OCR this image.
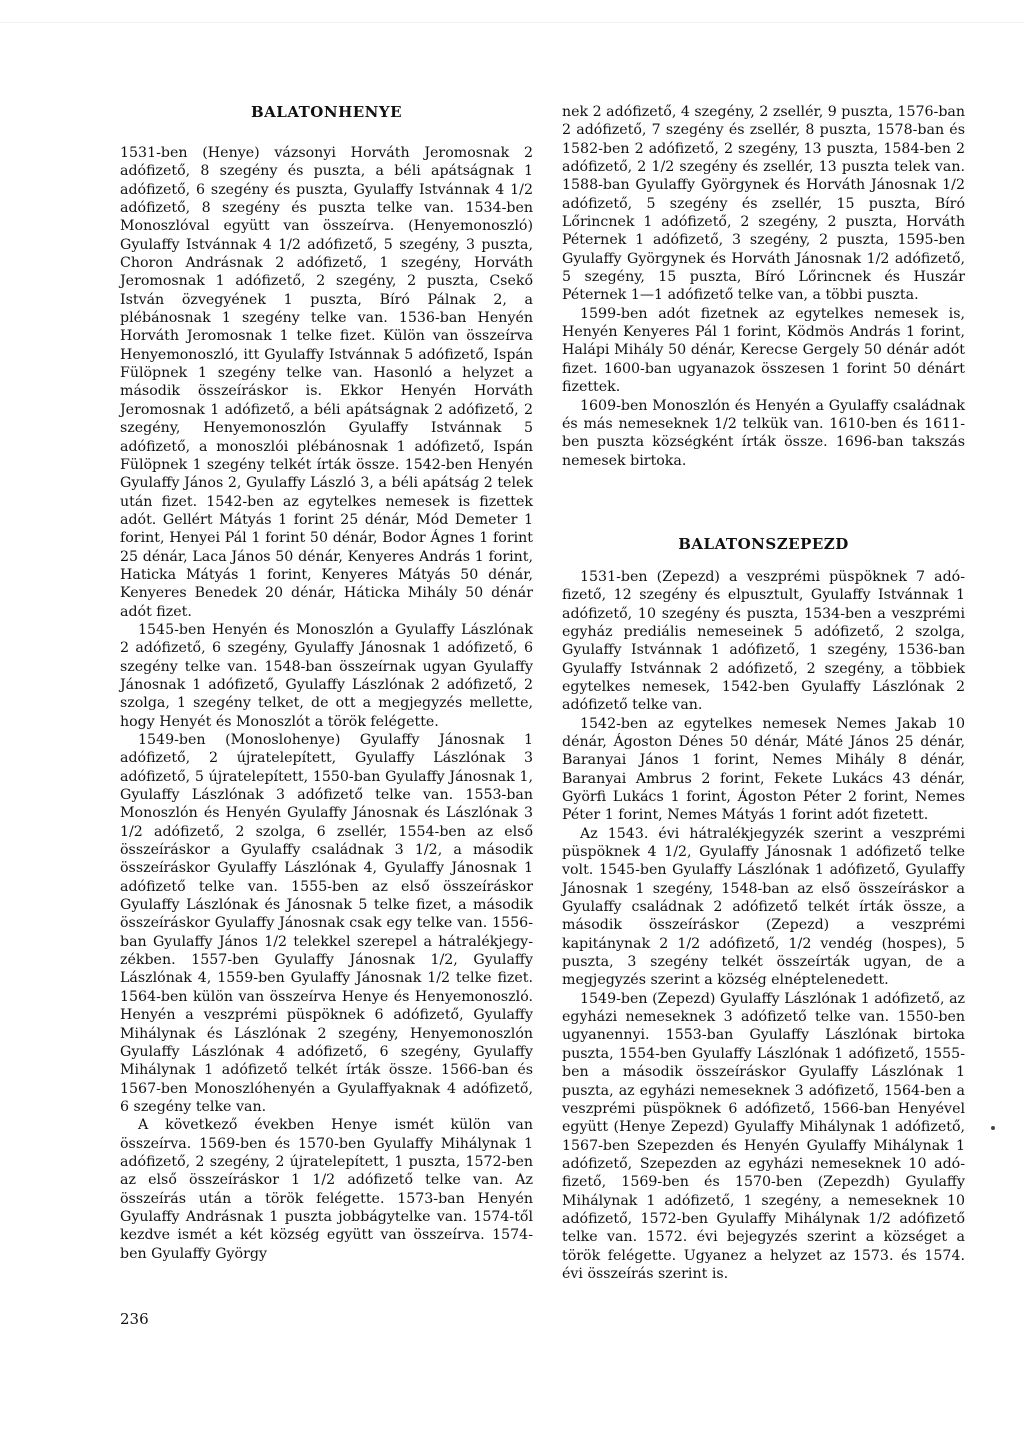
BALATONHENYE

1531-ben (Henye) vázsonyi Horváth Jeromosnak 2 adófizető, 8 szegény és puszta, a béli apátságnak 1 adófizető, 6 szegény és puszta, Gyulaffy Istvánnak 4 1/2 adófizető, 8 szegény és puszta telke van. 1534-ben Monoszlóval együtt van összeírva. (Henyemonoszló) Gyulaffy Istvánnak 4 1/2 adófizető, 5 szegény, 3 puszta, Choron Andrásnak 2 adófizető, 1 szegény, Horváth Jeromosnak 1 adófizető, 2 szegény, 2 puszta, Csekő István özvegyének 1 puszta, Bíró Pálnak 2, a plébánosnak 1 szegény telke van. 1536-ban Henyén Horváth Jeromosnak 1 telke fizet. Külön van összeírva Henyemonoszló, itt Gyulaffy Istvánnak 5 adófizető, Ispán Fülöpnek 1 szegény telke van. Hasonló a helyzet a második összeíráskor is. Ekkor Henyén Horváth Jeromosnak 1 adófizető, a béli apátságnak 2 adófizető, 2 szegény, Henyemonoszlón Gyulaffy Istvánnak 5 adófizető, a monoszlói plébánosnak 1 adófizető, Ispán Fülöpnek 1 szegény telkét írták össze. 1542-ben Henyén Gyulaffy János 2, Gyulaffy László 3, a béli apátság 2 telek után fizet. 1542-ben az egytelkes nemesek is fizettek adót. Gellért Mátyás 1 forint 25 dénár, Mód Demeter 1 forint, Henyei Pál 1 forint 50 dénár, Bodor Ágnes 1 forint 25 dénár, Laca János 50 dénár, Kenyeres András 1 forint, Haticka Mátyás 1 forint, Kenyeres Mátyás 50 dénár, Kenyeres Benedek 20 dénár, Háticka Mihály 50 dénár adót fizet.

1545-ben Henyén és Monoszlón a Gyulaffy Lászlónak 2 adófizető, 6 szegény, Gyulaffy Jánosnak 1 adófizető, 6 szegény telke van. 1548-ban összeírnak ugyan Gyulaffy Jánosnak 1 adófizető, Gyulaffy Lászlónak 2 adófizető, 2 szolga, 1 szegény telket, de ott a megjegyzés mellette, hogy Henyét és Monoszlót a török felégette.

1549-ben (Monoslohenye) Gyulaffy Jánosnak 1 adófizető, 2 újratelepített, Gyulaffy Lászlónak 3 adófizető, 5 újratelepített, 1550-ban Gyulaffy Jánosnak 1, Gyulaffy Lászlónak 3 adófizető telke van. 1553-ban Monoszlón és Henyén Gyulaffy Jánosnak és Lászlónak 3 1/2 adófizető, 2 szolga, 6 zsellér, 1554-ben az első összeíráskor a Gyulaffy családnak 3 1/2, a második összeíráskor Gyulaffy Lászlónak 4, Gyulaffy Jánosnak 1 adófizető telke van. 1555-ben az első összeíráskor Gyulaffy Lászlónak és Jánosnak 5 telke fizet, a második összeíráskor Gyulaffy Jánosnak csak egy telke van. 1556-ban Gyulaffy János 1/2 telekkel szerepel a hátralékjegyzékben. 1557-ben Gyulaffy Jánosnak 1/2, Gyulaffy Lászlónak 4, 1559-ben Gyulaffy Jánosnak 1/2 telke fizet. 1564-ben külön van összeírva Henye és Henyemonoszló. Henyén a veszprémi püspöknek 6 adófizető, Gyulaffy Mihálynak és Lászlónak 2 szegény, Henyemonoszlón Gyulaffy Lászlónak 4 adófizető, 6 szegény, Gyulaffy Mihálynak 1 adófizető telkét írták össze. 1566-ban és 1567-ben Monoszlóhenyén a Gyulaffyaknak 4 adófizető, 6 szegény telke van.

A következő években Henye ismét külön van összeírva. 1569-ben és 1570-ben Gyulaffy Mihálynak 1 adófizető, 2 szegény, 2 újratelepített, 1 puszta, 1572-ben az első összeíráskor 1 1/2 adófizető telke van. Az összeírás után a török felégette. 1573-ban Henyén Gyulaffy Andrásnak 1 puszta jobbágytelke van. 1574-től kezdve ismét a két község együtt van összeírva. 1574-ben Gyulaffy György

nek 2 adófizető, 4 szegény, 2 zsellér, 9 puszta, 1576-ban 2 adófizető, 7 szegény és zsellér, 8 puszta, 1578-ban és 1582-ben 2 adófizető, 2 szegény, 13 puszta, 1584-ben 2 adófizető, 2 1/2 szegény és zsellér, 13 puszta telek van. 1588-ban Gyulaffy Györgynek és Horváth Jánosnak 1/2 adófizető, 5 szegény és zsellér, 15 puszta, Bíró Lőrincnek 1 adófizető, 2 szegény, 2 puszta, Horváth Péternek 1 adófizető, 3 szegény, 2 puszta, 1595-ben Gyulaffy Györgynek és Horváth Jánosnak 1/2 adófizető, 5 szegény, 15 puszta, Bíró Lőrincnek és Huszár Péternek 1—1 adófizető telke van, a többi puszta.

1599-ben adót fizetnek az egytelkes nemesek is, Henyén Kenyeres Pál 1 forint, Ködmös András 1 forint, Halápi Mihály 50 dénár, Kerecse Gergely 50 dénár adót fizet. 1600-ban ugyanazok összesen 1 forint 50 dénárt fizettek.

1609-ben Monoszlón és Henyén a Gyulaffy családnak és más nemeseknek 1/2 telkük van. 1610-ben és 1611-ben puszta községként írták össze. 1696-ban takszás nemesek birtoka.

BALATONSZEPEZD

1531-ben (Zepezd) a veszprémi püspöknek 7 adófizető, 12 szegény és elpusztult, Gyulaffy Istvánnak 1 adófizető, 10 szegény és puszta, 1534-ben a veszprémi egyház prediális nemeseinek 5 adófizető, 2 szolga, Gyulaffy Istvánnak 1 adófizető, 1 szegény, 1536-ban Gyulaffy Istvánnak 2 adófizető, 2 szegény, a többiek egytelkes nemesek, 1542-ben Gyulaffy Lászlónak 2 adófizető telke van.

1542-ben az egytelkes nemesek Nemes Jakab 10 dénár, Ágoston Dénes 50 dénár, Máté János 25 dénár, Baranyai János 1 forint, Nemes Mihály 8 dénár, Baranyai Ambrus 2 forint, Fekete Lukács 43 dénár, Györfi Lukács 1 forint, Ágoston Péter 2 forint, Nemes Péter 1 forint, Nemes Mátyás 1 forint adót fizetett.

Az 1543. évi hátralékjegyzék szerint a veszprémi püspöknek 4 1/2, Gyulaffy Jánosnak 1 adófizető telke volt. 1545-ben Gyulaffy Lászlónak 1 adófizető, Gyulaffy Jánosnak 1 szegény, 1548-ban az első összeíráskor a Gyulaffy családnak 2 adófizető telkét írták össze, a második összeíráskor (Zepezd) a veszprémi kapitánynak 2 1/2 adófizető, 1/2 vendég (hospes), 5 puszta, 3 szegény telkét összeírták ugyan, de a megjegyzés szerint a község elnéptelenedett.

1549-ben (Zepezd) Gyulaffy Lászlónak 1 adófizető, az egyházi nemeseknek 3 adófizető telke van. 1550-ben ugyanennyi. 1553-ban Gyulaffy Lászlónak birtoka puszta, 1554-ben Gyulaffy Lászlónak 1 adófizető, 1555-ben a második összeíráskor Gyulaffy Lászlónak 1 puszta, az egyházi nemeseknek 3 adófizető, 1564-ben a veszprémi püspöknek 6 adófizető, 1566-ban Henyével együtt (Henye Zepezd) Gyulaffy Mihálynak 1 adófizető, 1567-ben Szepezden és Henyén Gyulaffy Mihálynak 1 adófizető, Szepezden az egyházi nemeseknek 10 adófizető, 1569-ben és 1570-ben (Zepezdh) Gyulaffy Mihálynak 1 adófizető, 1 szegény, a nemeseknek 10 adófizető, 1572-ben Gyulaffy Mihálynak 1/2 adófizető telke van. 1572. évi bejegyzés szerint a községet a török felégette. Ugyanez a helyzet az 1573. és 1574. évi összeírás szerint is.

236
